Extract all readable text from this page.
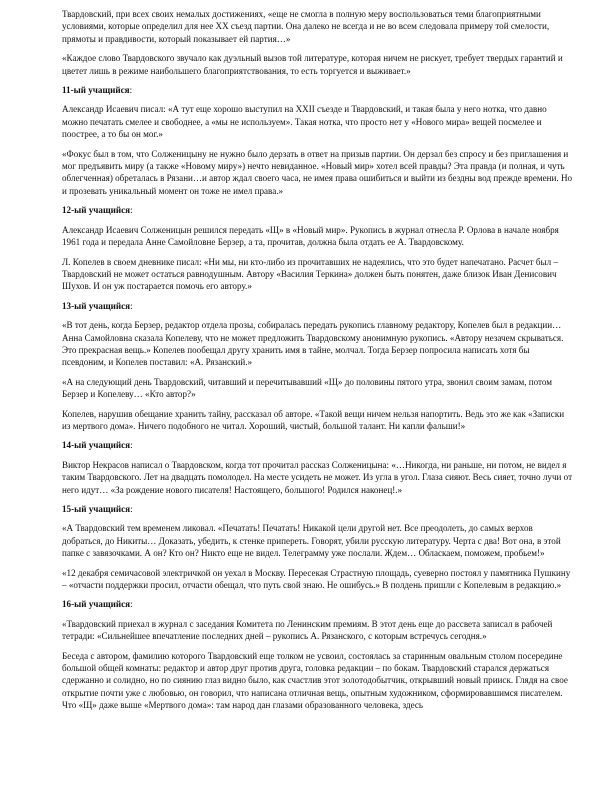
Твардовский, при всех своих немалых достижениях, «еще не смогла в полную меру воспользоваться теми благоприятными условиями, которые определил для нее XX съезд партии. Она далеко не всегда и не во всем следовала примеру той смелости, прямоты и правдивости, который показывает ей партия…»

«Каждое слово Твардовского звучало как дуэльный вызов той литературе, которая ничем не рискует, требует твердых гарантий и цветет лишь в режиме наибольшего благоприятствования, то есть торгуется и выживает.»

11-ый учащийся:

Александр Исаевич писал: «А тут еще хорошо выступил на XXII съезде и Твардовский, и такая была у него нотка, что давно можно печатать смелее и свободнее, а «мы не используем». Такая нотка, что просто нет у «Нового мира» вещей посмелее и поострее, а то бы он мог.»

«Фокус был в том, что Солженицыну не нужно было дерзать в ответ на призыв партии. Он дерзал без спросу и без приглашения и мог предъявить миру (а также «Новому миру») нечто невиданное. «Новый мир» хотел всей правды? Эта правда (и полная, и чуть облегченная) обреталась в Рязани…и автор ждал своего часа, не имея права ошибиться и выйти из бездны вод прежде времени. Но и прозевать уникальный момент он тоже не имел права.»

12-ый учащийся:

Александр Исаевич Солженицын решился передать «Щ» в «Новый мир». Рукопись в журнал отнесла Р. Орлова в начале ноября 1961 года и передала Анне Самойловне Берзер, а та, прочитав, должна была отдать ее А. Твардовскому.

Л. Копелев в своем дневнике писал: «Ни мы, ни кто-либо из прочитавших не надеялись, что это будет напечатано. Расчет был – Твардовский не может остаться равнодушным. Автору «Василия Теркина» должен быть понятен, даже близок Иван Денисович Шухов. И он уж постарается помочь его автору.»

13-ый учащийся:

«В тот день, когда Берзер, редактор отдела прозы, собиралась передать рукопись главному редактору, Копелев был в редакции… Анна Самойловна сказала Копелеву, что не может предложить Твардовскому анонимную рукопись. «Автору незачем скрываться. Это прекрасная вещь.» Копелев пообещал другу хранить имя в тайне, молчал. Тогда Берзер попросила написать хотя бы псевдоним, и Копелев поставил: «А. Рязанский.»

«А на следующий день Твардовский, читавший и перечитывавший «Щ» до половины пятого утра, звонил своим замам, потом Берзер и Копелеву… «Кто автор?»

Копелев, нарушив обещание хранить тайну, рассказал об авторе. «Такой вещи ничем нельзя напортить. Ведь это же как «Записки из мертвого дома». Ничего подобного не читал. Хороший, чистый, большой талант. Ни капли фальши!»

14-ый учащийся:

Виктор Некрасов написал о Твардовском, когда тот прочитал рассказ Солженицына: «…Никогда, ни раньше, ни потом, не видел я таким Твардовского. Лет на двадцать помолодел. На месте усидеть не может. Из угла в угол. Глаза сияют. Весь сияет, точно лучи от него идут… «За рождение нового писателя! Настоящего, большого! Родился наконец!.»

15-ый учащийся:

«А Твардовский тем временем ликовал. «Печатать! Печатать! Никакой цели другой нет. Все преодолеть, до самых верхов добраться, до Никиты… Доказать, убедить, к стенке припереть. Говорят, убили русскую литературу. Черта с два! Вот она, в этой папке с завязочками. А он? Кто он? Никто еще не видел. Телеграмму уже послали. Ждем… Обласкаем, поможем, пробьем!»

«12 декабря семичасовой электричкой он уехал в Москву. Пересекая Страстную площадь, суеверно постоял у памятника Пушкину – «отчасти поддержки просил, отчасти обещал, что путь свой знаю. Не ошибусь.» В полдень пришли с Копелевым в редакцию.»

16-ый учащийся:

«Твардовский приехал в журнал с заседания Комитета по Ленинским премиям. В этот день еще до рассвета записал в рабочей тетради: «Сильнейшее впечатление последних дней – рукопись А. Рязанского, с которым встречусь сегодня.»

Беседа с автором, фамилию которого Твардовский еще толком не усвоил, состоялась за старинным овальным столом посередине большой общей комнаты: редактор и автор друг против друга, головка редакции – по бокам. Твардовский старался держаться сдержанно и солидно, но по сиянию глаз видно было, как счастлив этот золотодобытчик, открывший новый прииск. Глядя на свое открытие почти уже с любовью, он говорил, что написана отличная вещь, опытным художником, сформировавшимся писателем. Что «Щ» даже выше «Мертвого дома»: там народ дан глазами образованного человека, здесь
